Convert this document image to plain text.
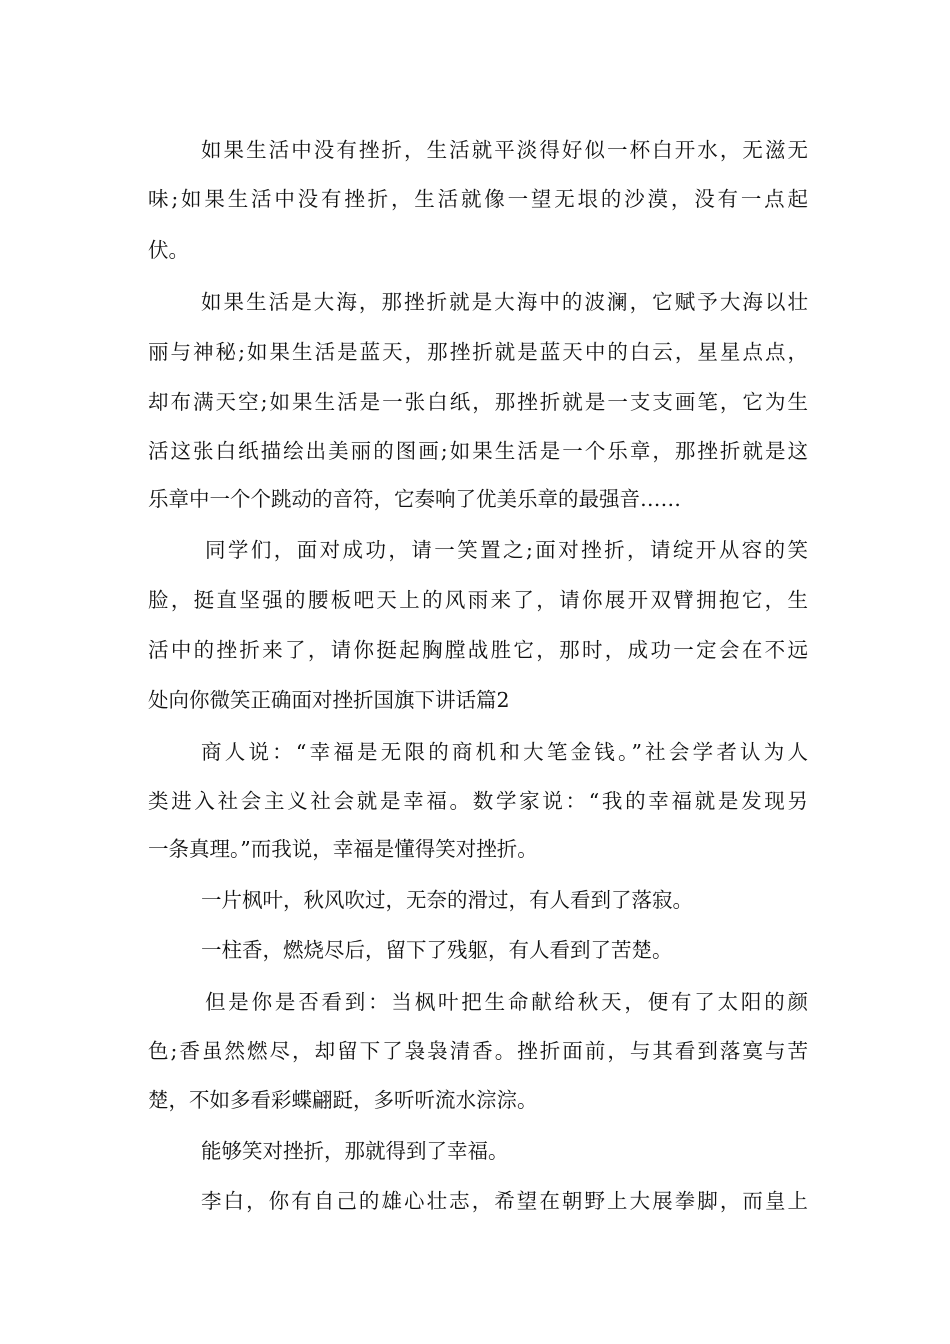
如果生活中没有挫折，生活就平淡得好似一杯白开水，无滋无

味;如果生活中没有挫折，生活就像一望无垠的沙漠，没有一点起

伏。

如果生活是大海，那挫折就是大海中的波澜，它赋予大海以壮

丽与神秘;如果生活是蓝天，那挫折就是蓝天中的白云，星星点点，

却布满天空;如果生活是一张白纸，那挫折就是一支支画笔，它为生

活这张白纸描绘出美丽的图画;如果生活是一个乐章，那挫折就是这

乐章中一个个跳动的音符，它奏响了优美乐章的最强音……

同学们，面对成功，请一笑置之;面对挫折，请绽开从容的笑

脸，挺直坚强的腰板吧天上的风雨来了，请你展开双臂拥抱它，生

活中的挫折来了，请你挺起胸膛战胜它，那时，成功一定会在不远

处向你微笑正确面对挫折国旗下讲话篇2

商人说：“幸福是无限的商机和大笔金钱。”社会学者认为人

类进入社会主义社会就是幸福。数学家说：“我的幸福就是发现另

一条真理。”而我说，幸福是懂得笑对挫折。

一片枫叶，秋风吹过，无奈的滑过，有人看到了落寂。

一柱香，燃烧尽后，留下了残躯，有人看到了苦楚。

但是你是否看到：当枫叶把生命献给秋天，便有了太阳的颜

色;香虽然燃尽，却留下了袅袅清香。挫折面前，与其看到落寞与苦

楚，不如多看彩蝶翩跹，多听听流水淙淙。

能够笑对挫折，那就得到了幸福。

李白，你有自己的雄心壮志，希望在朝野上大展拳脚，而皇上
